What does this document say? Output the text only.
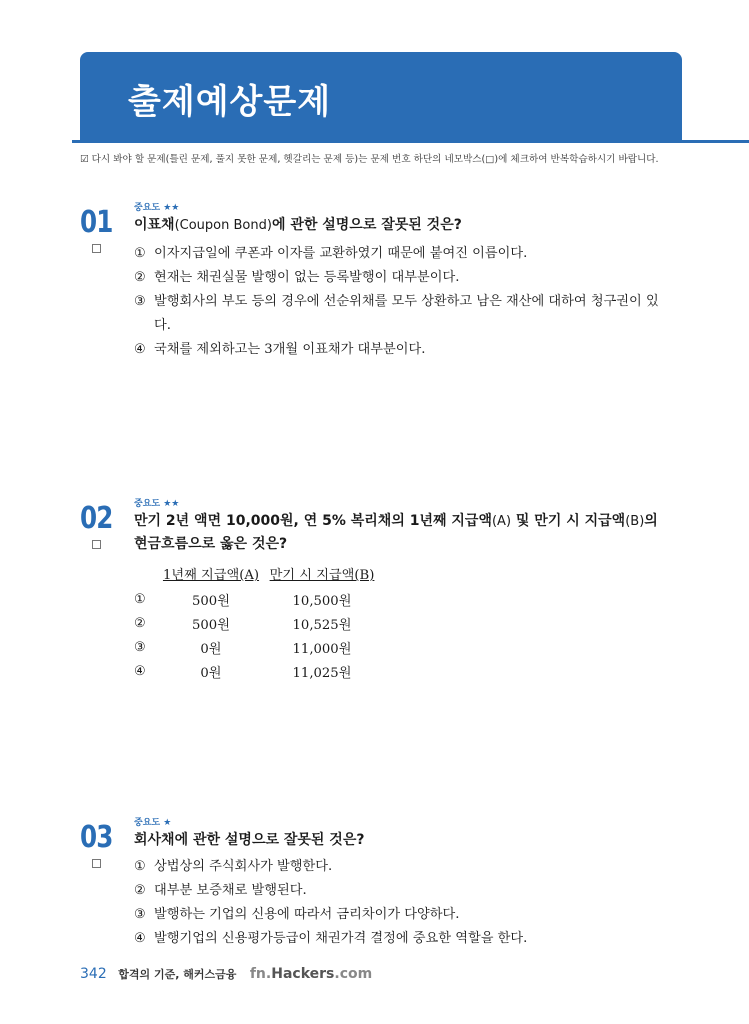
출제예상문제
☑ 다시 봐야 할 문제(틀린 문제, 풀지 못한 문제, 헷갈리는 문제 등)는 문제 번호 하단의 네모박스(□)에 체크하여 반복학습하시기 바랍니다.
01	중요도 ★★

이표채(Coupon Bond)에 관한 설명으로 잘못된 것은?

① 이자지급일에 쿠폰과 이자를 교환하였기 때문에 붙여진 이름이다.
② 현재는 채권실물 발행이 없는 등록발행이 대부분이다.
③ 발행회사의 부도 등의 경우에 선순위채를 모두 상환하고 남은 재산에 대하여 청구권이 있다.
④ 국채를 제외하고는 3개월 이표채가 대부분이다.
02	중요도 ★★

만기 2년 액면 10,000원, 연 5% 복리채의 1년째 지급액(A) 및 만기 시 지급액(B)의 현금흐름으로 옳은 것은?

	1년째 지급액(A)	만기 시 지급액(B)
①	500원	10,500원
②	500원	10,525원
③	0원	11,000원
④	0원	11,025원
03	중요도 ★

회사채에 관한 설명으로 잘못된 것은?

① 상법상의 주식회사가 발행한다.
② 대부분 보증채로 발행된다.
③ 발행하는 기업의 신용에 따라서 금리차이가 다양하다.
④ 발행기업의 신용평가등급이 채권가격 결정에 중요한 역할을 한다.
342 합격의 기준, 해커스금융 fn.Hackers.com
